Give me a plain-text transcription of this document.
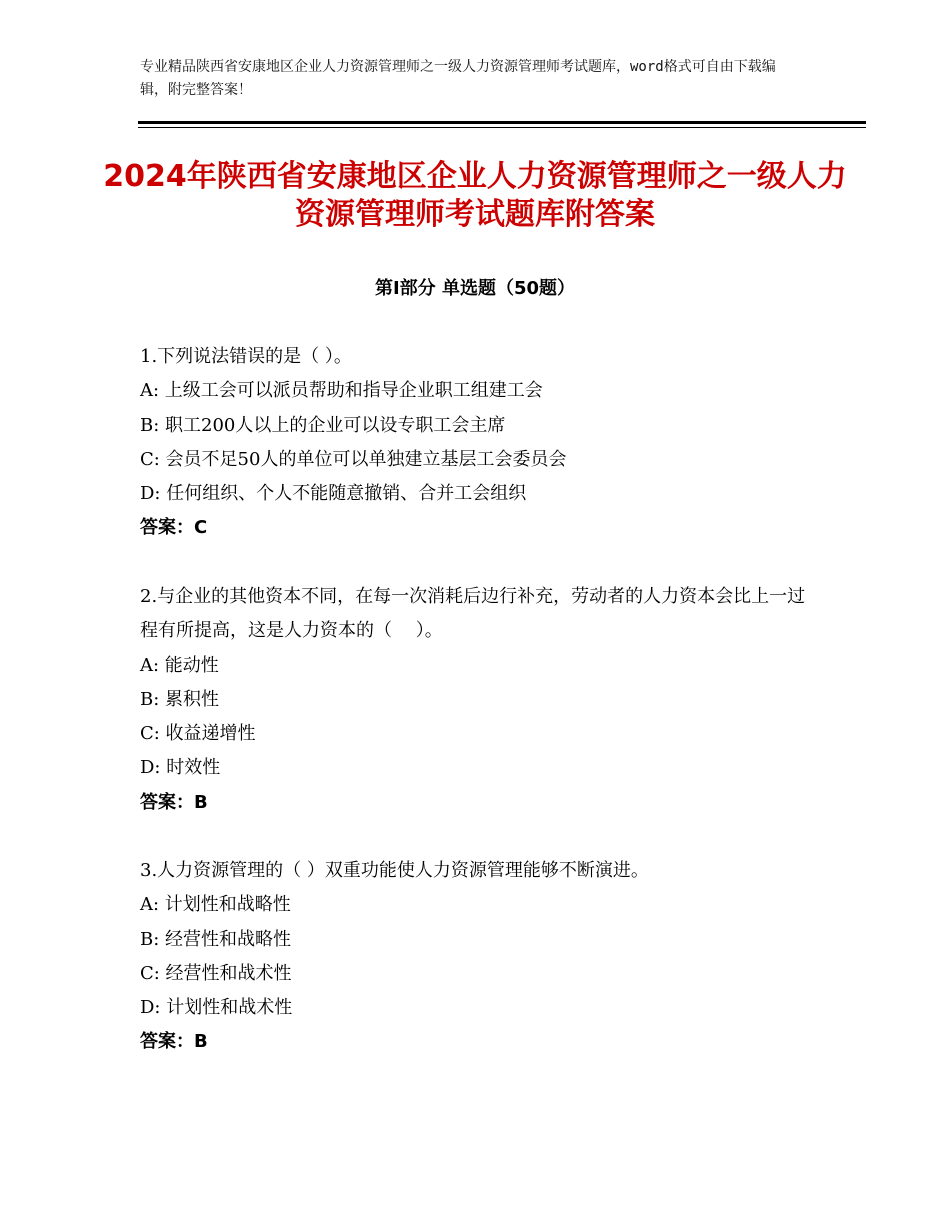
专业精品陕西省安康地区企业人力资源管理师之一级人力资源管理师考试题库，word格式可自由下载编辑，附完整答案！
2024年陕西省安康地区企业人力资源管理师之一级人力资源管理师考试题库附答案
第Ⅰ部分 单选题（50题）

1.下列说法错误的是（ ）。

A: 上级工会可以派员帮助和指导企业职工组建工会

B: 职工200人以上的企业可以设专职工会主席

C: 会员不足50人的单位可以单独建立基层工会委员会

D: 任何组织、个人不能随意撤销、合并工会组织

答案：C

2.与企业的其他资本不同，在每一次消耗后边行补充，劳动者的人力资本会比上一过程有所提高，这是人力资本的（　 ）。

A: 能动性

B: 累积性

C: 收益递增性

D: 时效性

答案：B

3.人力资源管理的（ ）双重功能使人力资源管理能够不断演进。

A: 计划性和战略性

B: 经营性和战略性

C: 经营性和战术性

D: 计划性和战术性

答案：B
